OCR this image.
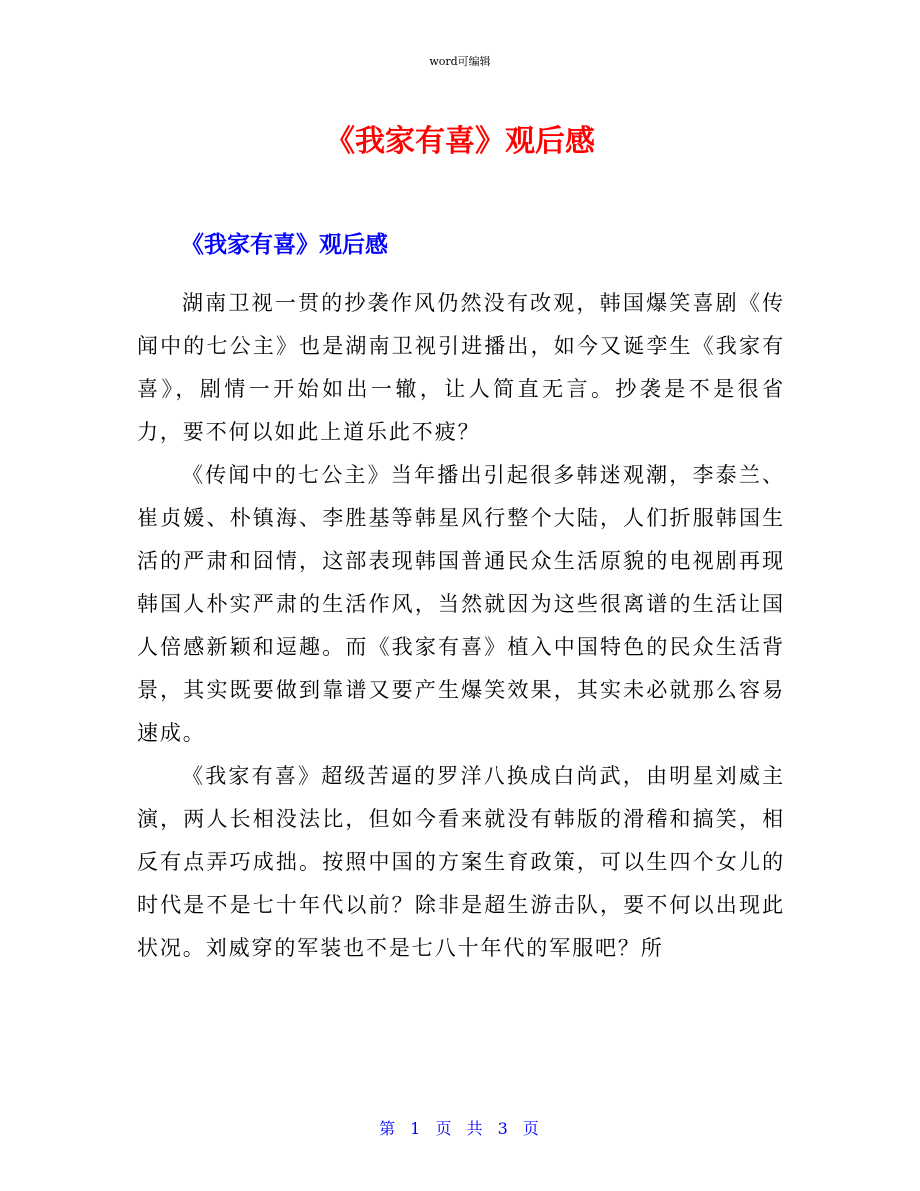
word可编辑
《我家有喜》观后感
《我家有喜》观后感

湖南卫视一贯的抄袭作风仍然没有改观，韩国爆笑喜剧《传闻中的七公主》也是湖南卫视引进播出，如今又诞孪生《我家有喜》，剧情一开始如出一辙，让人简直无言。抄袭是不是很省力，要不何以如此上道乐此不疲？

《传闻中的七公主》当年播出引起很多韩迷观潮，李泰兰、崔贞媛、朴镇海、李胜基等韩星风行整个大陆，人们折服韩国生活的严肃和囧情，这部表现韩国普通民众生活原貌的电视剧再现韩国人朴实严肃的生活作风，当然就因为这些很离谱的生活让国人倍感新颖和逗趣。而《我家有喜》植入中国特色的民众生活背景，其实既要做到靠谱又要产生爆笑效果，其实未必就那么容易速成。

《我家有喜》超级苦逼的罗洋八换成白尚武，由明星刘威主演，两人长相没法比，但如今看来就没有韩版的滑稽和搞笑，相反有点弄巧成拙。按照中国的方案生育政策，可以生四个女儿的时代是不是七十年代以前？除非是超生游击队，要不何以出现此状况。刘威穿的军装也不是七八十年代的军服吧？所

第 1 页 共 3 页
